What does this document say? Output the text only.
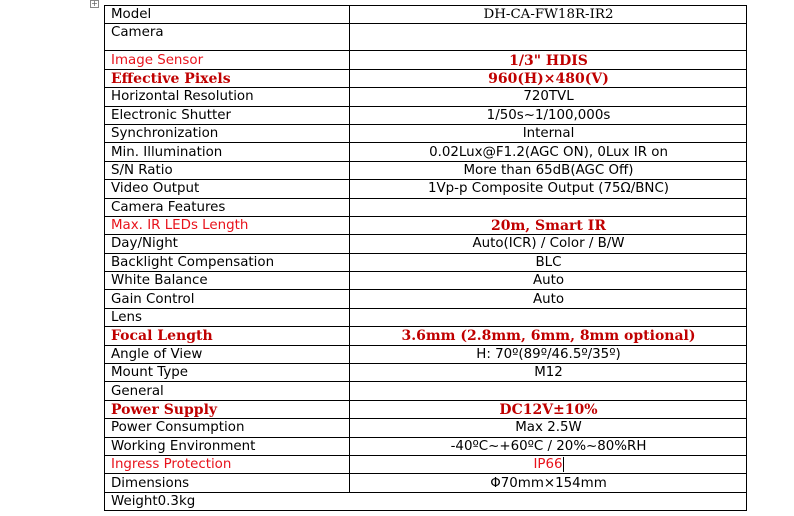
+
Model	DH-CA-FW18R-IR2
Camera	
Image Sensor	1/3" HDIS
Effective Pixels	960(H)×480(V)
Horizontal Resolution	720TVL
Electronic Shutter	1/50s~1/100,000s
Synchronization	Internal
Min. Illumination	0.02Lux@F1.2(AGC ON), 0Lux IR on
S/N Ratio	More than 65dB(AGC Off)
Video Output	1Vp-p Composite Output (75Ω/BNC)
Camera Features	
Max. IR LEDs Length	20m, Smart IR
Day/Night	Auto(ICR) / Color / B/W
Backlight Compensation	BLC
White Balance	Auto
Gain Control	Auto
Lens	
Focal Length	3.6mm (2.8mm, 6mm, 8mm optional)
Angle of View	H: 70º(89º/46.5º/35º)
Mount Type	M12
General	
Power Supply	DC12V±10%
Power Consumption	Max 2.5W
Working Environment	-40ºC~+60ºC / 20%~80%RH
Ingress Protection	IP66
Dimensions	Φ70mm×154mm
Weight0.3kg	
